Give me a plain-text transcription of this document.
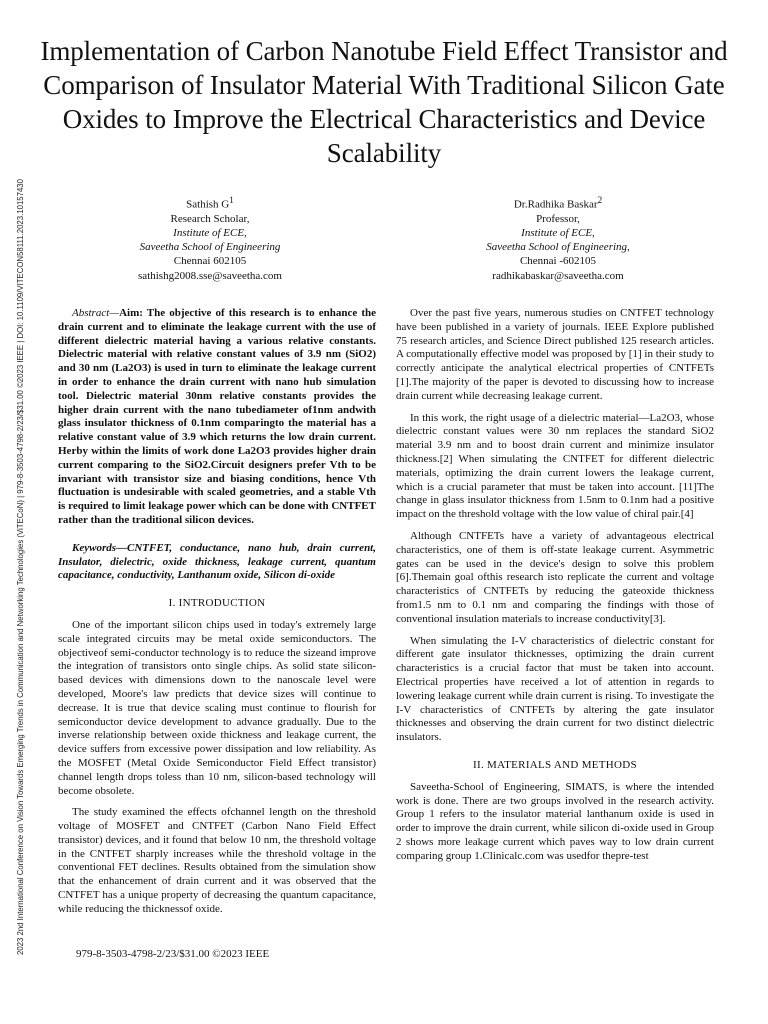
2023 2nd International Conference on Vision Towards Emerging Trends in Communication and Networking Technologies (ViTECoN) | 979-8-3503-4798-2/23/$31.00 ©2023 IEEE | DOI: 10.1109/VITECON58111.2023.10157430
Implementation of Carbon Nanotube Field Effect Transistor and Comparison of Insulator Material With Traditional Silicon Gate Oxides to Improve the Electrical Characteristics and Device Scalability
Sathish $G^1$
Research Scholar,
Institute of ECE,
Saveetha School of Engineering
Chennai 602105
sathishg2008.sse@saveetha.com
Dr.Radhika Baskar$^2$
Professor,
Institute of ECE,
Saveetha School of Engineering,
Chennai -602105
radhikabaskar@saveetha.com

Abstract—Aim: The objective of this research is to enhance the drain current and to eliminate the leakage current with the use of different dielectric material having a various relative constants. Dielectric material with relative constant values of 3.9 nm (SiO2) and 30 nm (La2O3) is used in turn to eliminate the leakage current in order to enhance the drain current with nano hub simulation tool. Dielectric material 30nm relative constants provides the higher drain current with the nano tubediameter of1nm andwith glass insulator thickness of 0.1nm comparingto the material has a relative constant value of 3.9 which returns the low drain current. Herby within the limits of work done La2O3 provides higher drain current comparing to the SiO2.Circuit designers prefer Vth to be invariant with transistor size and biasing conditions, hence Vth fluctuation is undesirable with scaled geometries, and a stable Vth is required to limit leakage power which can be done with CNTFET rather than the traditional silicon devices.

Keywords—CNTFET, conductance, nano hub, drain current, Insulator, dielectric, oxide thickness, leakage current, quantum capacitance, conductivity, Lanthanum oxide, Silicon di-oxide

I. INTRODUCTION

One of the important silicon chips used in today's extremely large scale integrated circuits may be metal oxide semiconductors. The objectiveof semi-conductor technology is to reduce the sizeand improve the integration of transistors onto single chips. As solid state silicon-based devices with dimensions down to the nanoscale level were developed, Moore's law predicts that device sizes will continue to decrease. It is true that device scaling must continue to flourish for semiconductor device development to advance gradually. Due to the inverse relationship between oxide thickness and leakage current, the device suffers from excessive power dissipation and low reliability. As the MOSFET (Metal Oxide Semiconductor Field Effect transistor) channel length drops toless than 10 nm, silicon-based technology will become obsolete.

The study examined the effects ofchannel length on the threshold voltage of MOSFET and CNTFET (Carbon Nano Field Effect transistor) devices, and it found that below 10 nm, the threshold voltage in the CNTFET sharply increases while the threshold voltage in the conventional FET declines. Results obtained from the simulation show that the enhancement of drain current and it was observed that the CNTFET has a unique property of decreasing the quantum capacitance, while reducing the thicknessof oxide.

Over the past five years, numerous studies on CNTFET technology have been published in a variety of journals. IEEE Explore published 75 research articles, and Science Direct published 125 research articles. A computationally effective model was proposed by [1] in their study to correctly anticipate the analytical electrical properties of CNTFETs [1].The majority of the paper is devoted to discussing how to increase drain current while decreasing leakage current.

In this work, the right usage of a dielectric material—La2O3, whose dielectric constant values were 30 nm replaces the standard SiO2 material 3.9 nm and to boost drain current and minimize insulator thickness.[2] When simulating the CNTFET for different dielectric materials, optimizing the drain current lowers the leakage current, which is a crucial parameter that must be taken into account. [11]The change in glass insulator thickness from 1.5nm to 0.1nm had a positive impact on the threshold voltage with the low value of chiral pair.[4]

Although CNTFETs have a variety of advantageous electrical characteristics, one of them is off-state leakage current. Asymmetric gates can be used in the device's design to solve this problem [6].Themain goal ofthis research isto replicate the current and voltage characteristics of CNTFETs by reducing the gateoxide thickness from1.5 nm to 0.1 nm and comparing the findings with those of conventional insulation materials to increase conductivity[3].

When simulating the I-V characteristics of dielectric constant for different gate insulator thicknesses, optimizing the drain current characteristics is a crucial factor that must be taken into account. Electrical properties have received a lot of attention in regards to lowering leakage current while drain current is rising. To investigate the I-V characteristics of CNTFETs by altering the gate insulator thicknesses and observing the drain current for two distinct dielectric insulators.

II. MATERIALS AND METHODS

Saveetha-School of Engineering, SIMATS, is where the intended work is done. There are two groups involved in the research activity. Group 1 refers to the insulator material lanthanum oxide is used in order to improve the drain current, while silicon di-oxide used in Group 2 shows more leakage current which paves way to low drain current comparing group 1.Clinicalc.com was usedfor thepre-test

979-8-3503-4798-2/23/$31.00 ©2023 IEEE
